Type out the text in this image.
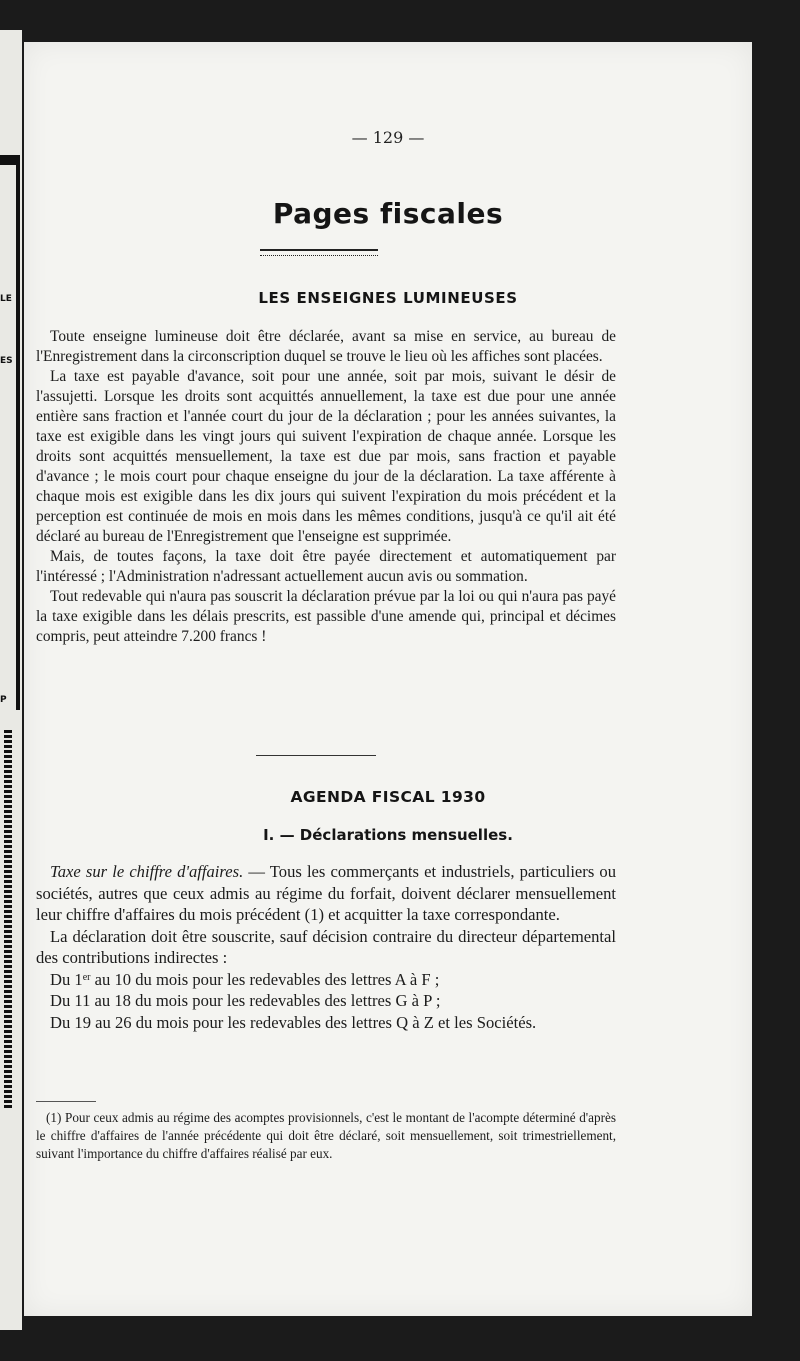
LE
ES
P
— 129 —
Pages fiscales
LES ENSEIGNES LUMINEUSES

Toute enseigne lumineuse doit être déclarée, avant sa mise en service, au bureau de l'Enregistrement dans la circonscription duquel se trouve le lieu où les affiches sont placées.

La taxe est payable d'avance, soit pour une année, soit par mois, suivant le désir de l'assujetti. Lorsque les droits sont acquittés annuellement, la taxe est due pour une année entière sans fraction et l'année court du jour de la déclaration ; pour les années suivantes, la taxe est exigible dans les vingt jours qui suivent l'expiration de chaque année. Lorsque les droits sont acquittés mensuellement, la taxe est due par mois, sans fraction et payable d'avance ; le mois court pour chaque enseigne du jour de la déclaration. La taxe afférente à chaque mois est exigible dans les dix jours qui suivent l'expiration du mois précédent et la perception est continuée de mois en mois dans les mêmes conditions, jusqu'à ce qu'il ait été déclaré au bureau de l'Enregistrement que l'enseigne est supprimée.

Mais, de toutes façons, la taxe doit être payée directement et automatiquement par l'intéressé ; l'Administration n'adressant actuellement aucun avis ou sommation.

Tout redevable qui n'aura pas souscrit la déclaration prévue par la loi ou qui n'aura pas payé la taxe exigible dans les délais prescrits, est passible d'une amende qui, principal et décimes compris, peut atteindre 7.200 francs !

AGENDA FISCAL 1930
I. — Déclarations mensuelles.

Taxe sur le chiffre d'affaires. — Tous les commerçants et industriels, particuliers ou sociétés, autres que ceux admis au régime du forfait, doivent déclarer mensuellement leur chiffre d'affaires du mois précédent (1) et acquitter la taxe correspondante.

La déclaration doit être souscrite, sauf décision contraire du directeur départemental des contributions indirectes :

Du 1er au 10 du mois pour les redevables des lettres A à F ;

Du 11 au 18 du mois pour les redevables des lettres G à P ;

Du 19 au 26 du mois pour les redevables des lettres Q à Z et les Sociétés.

(1) Pour ceux admis au régime des acomptes provisionnels, c'est le montant de l'acompte déterminé d'après le chiffre d'affaires de l'année précédente qui doit être déclaré, soit mensuellement, soit trimestriellement, suivant l'importance du chiffre d'affaires réalisé par eux.
